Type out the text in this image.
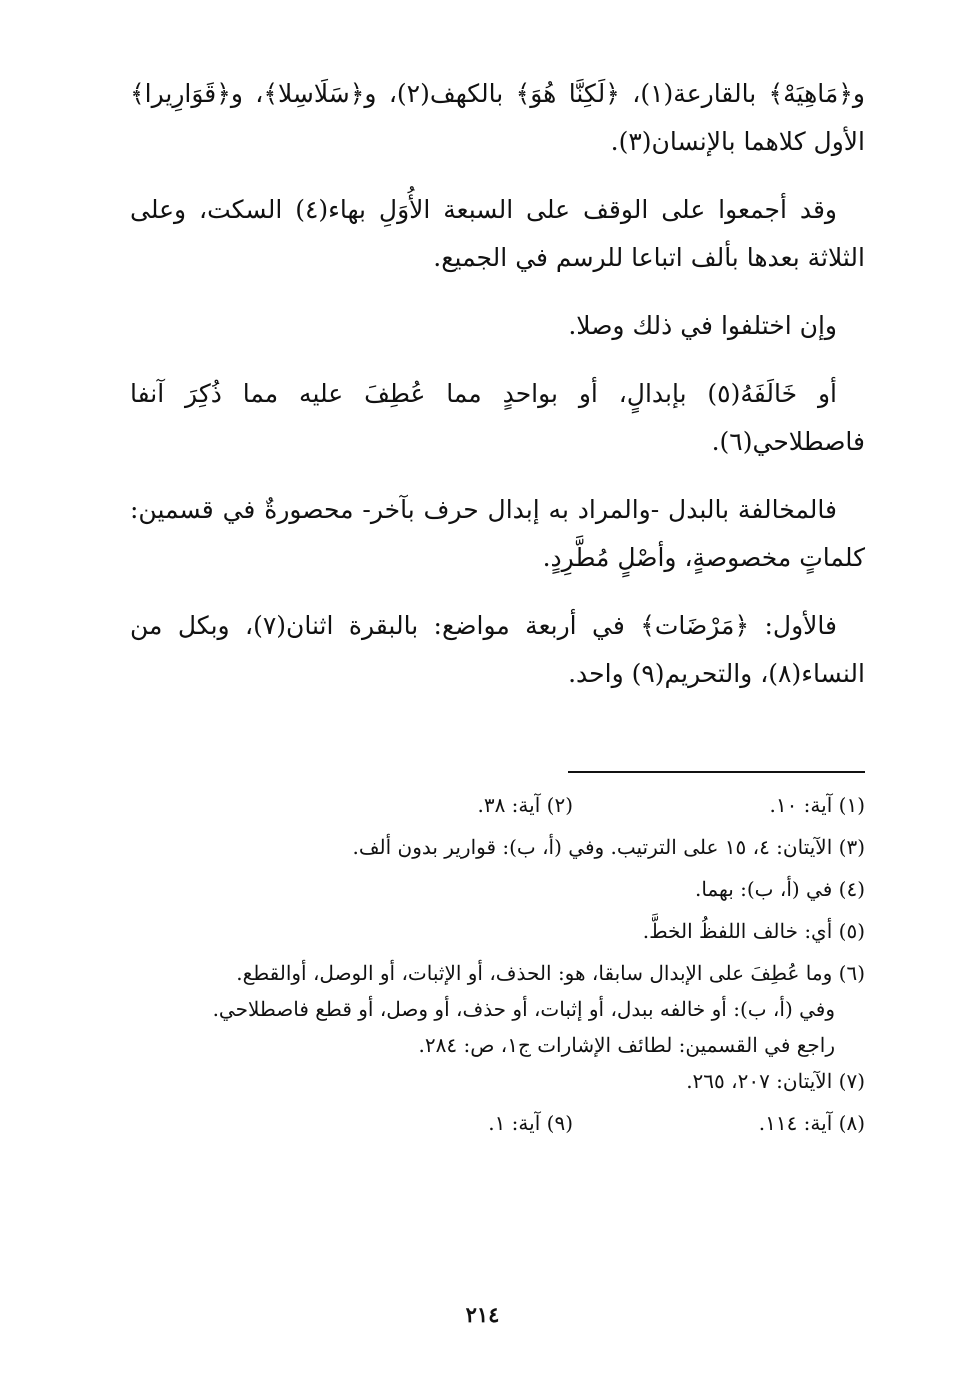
و﴿مَاهِيَهْ﴾ بالقارعة(١)، ﴿لَكِنَّا هُوَ﴾ بالكهف(٢)، و﴿سَلَاسِلا﴾، و﴿قَوَارِيرا﴾ الأول كلاهما بالإنسان(٣).

وقد أجمعوا على الوقف على السبعة الأُوَلِ بهاء(٤) السكت، وعلى الثلاثة بعدها بألف اتباعا للرسم في الجميع.

وإن اختلفوا في ذلك وصلا.

أو خَالَفَهُ(٥) بإبدالٍ، أو بواحدٍ مما عُطِفَ عليه مما ذُكِرَ آنفا فاصطلاحي(٦).

فالمخالفة بالبدل -والمراد به إبدال حرف بآخر- محصورةٌ في قسمين: كلماتٍ مخصوصةٍ، وأصْلٍ مُطَّرِدٍ.

فالأول: ﴿مَرْضَات﴾ في أربعة مواضع: بالبقرة اثنان(٧)، وبكل من النساء(٨)، والتحريم(٩) واحد.

(١) آية: ١٠.
(٢) آية: ٣٨.
(٣) الآيتان: ٤، ١٥ على الترتيب. وفي (أ، ب): قوارير بدون ألف.
(٤) في (أ، ب): بهما.
(٥) أي: خالف اللفظُ الخطَّ.
(٦) وما عُطِفَ على الإبدال سابقا، هو: الحذف، أو الإثبات، أو الوصل، أوالقطع.
وفي (أ، ب): أو خالفه ببدل، أو إثبات، أو حذف، أو وصل، أو قطع فاصطلاحي.
راجع في القسمين: لطائف الإشارات ج١، ص: ٢٨٤.
(٧) الآيتان: ٢٠٧، ٢٦٥.
(٨) آية: ١١٤.
(٩) آية: ١.
٢١٤
